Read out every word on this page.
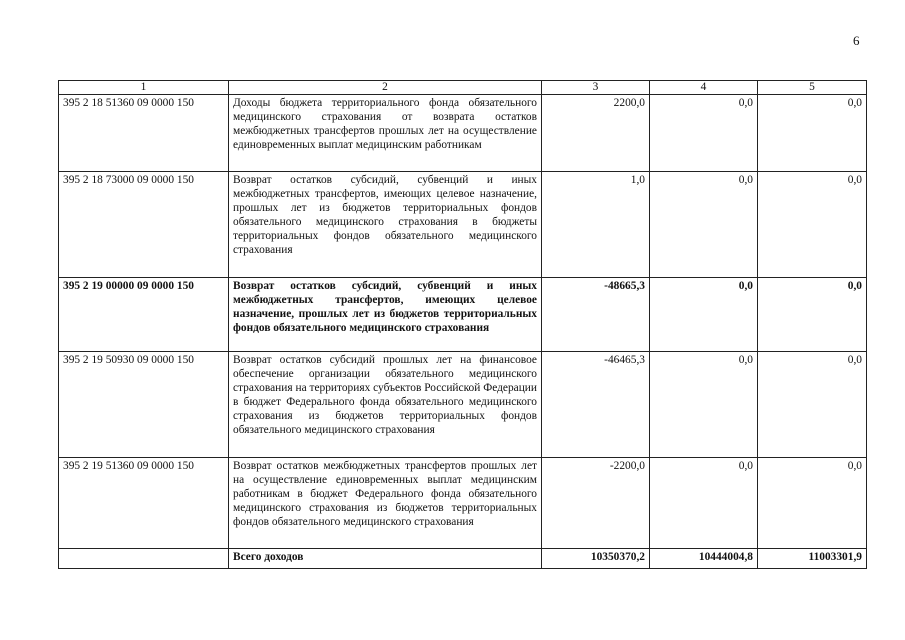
6
1	2	3	4	5
395 2 18 51360 09 0000 150	Доходы бюджета территориального фонда обязательного медицинского страхования от возврата остатков межбюджетных трансфертов прошлых лет на осуществление единовременных выплат медицинским работникам	2200,0	0,0	0,0
395 2 18 73000 09 0000 150	Возврат остатков субсидий, субвенций и иных межбюджетных трансфертов, имеющих целевое назначение, прошлых лет из бюджетов территориальных фондов обязательного медицинского страхования в бюджеты территориальных фондов обязательного медицинского страхования	1,0	0,0	0,0
395 2 19 00000 09 0000 150	Возврат остатков субсидий, субвенций и иных межбюджетных трансфертов, имеющих целевое назначение, прошлых лет из бюджетов территориальных фондов обязательного медицинского страхования	-48665,3	0,0	0,0
395 2 19 50930 09 0000 150	Возврат остатков субсидий прошлых лет на финансовое обеспечение организации обязательного медицинского страхования на территориях субъектов Российской Федерации в бюджет Федерального фонда обязательного медицинского страхования из бюджетов территориальных фондов обязательного медицинского страхования	-46465,3	0,0	0,0
395 2 19 51360 09 0000 150	Возврат остатков межбюджетных трансфертов прошлых лет на осуществление единовременных выплат медицинским работникам в бюджет Федерального фонда обязательного медицинского страхования из бюджетов территориальных фондов обязательного медицинского страхования	-2200,0	0,0	0,0
	Всего доходов	10350370,2	10444004,8	11003301,9
